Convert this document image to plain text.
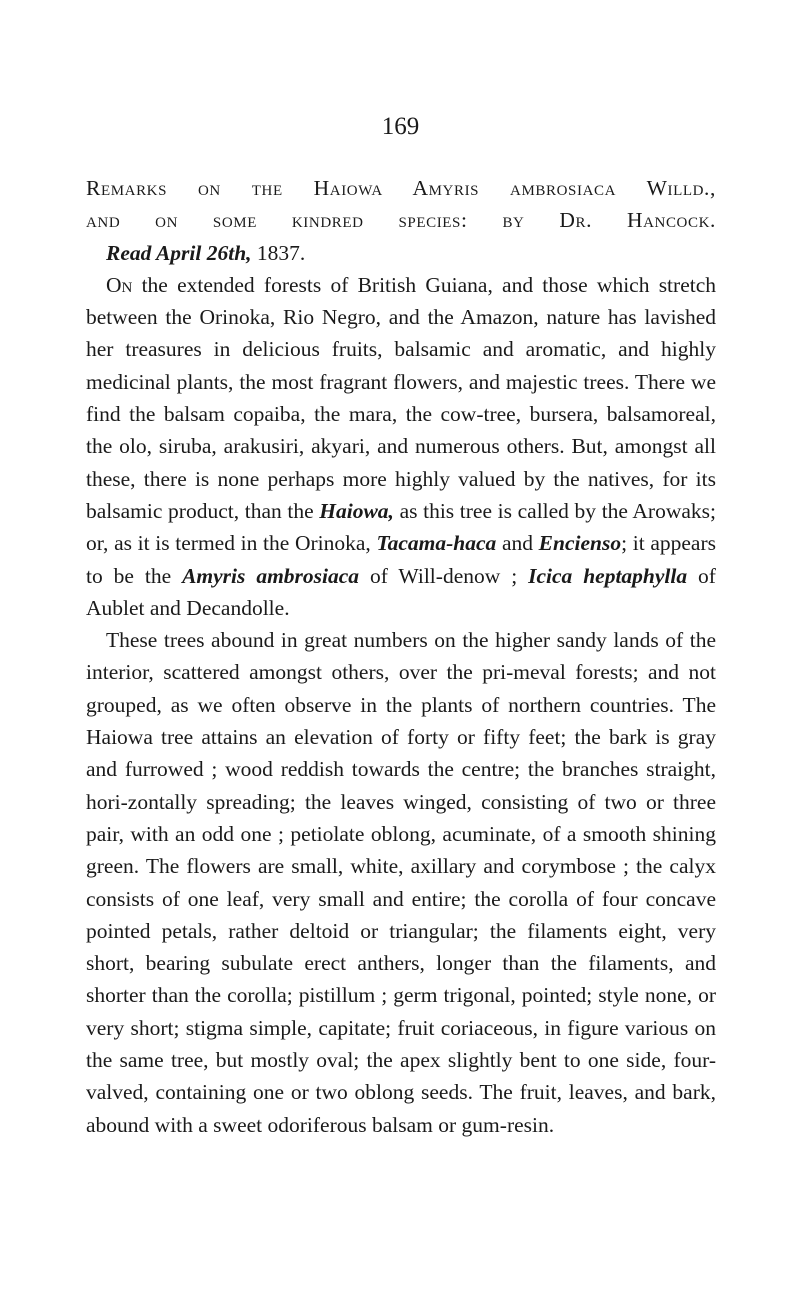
169
Remarks on the Haiowa Amyris ambrosiaca Willd.,
and on some kindred species: by Dr. Hancock.

Read April 26th, 1837.

On the extended forests of British Guiana, and those which stretch between the Orinoka, Rio Negro, and the Amazon, nature has lavished her treasures in delicious fruits, balsamic and aromatic, and highly medicinal plants, the most fragrant flowers, and majestic trees. There we find the balsam copaiba, the mara, the cow-tree, bursera, balsamoreal, the olo, siruba, arakusiri, akyari, and numerous others. But, amongst all these, there is none perhaps more highly valued by the natives, for its balsamic product, than the Haiowa, as this tree is called by the Arowaks; or, as it is termed in the Orinoka, Tacama-haca and Encienso; it appears to be the Amyris ambrosiaca of Will-denow ; Icica heptaphylla of Aublet and Decandolle.

These trees abound in great numbers on the higher sandy lands of the interior, scattered amongst others, over the pri-meval forests; and not grouped, as we often observe in the plants of northern countries. The Haiowa tree attains an elevation of forty or fifty feet; the bark is gray and furrowed ; wood reddish towards the centre; the branches straight, hori-zontally spreading; the leaves winged, consisting of two or three pair, with an odd one ; petiolate oblong, acuminate, of a smooth shining green. The flowers are small, white, axillary and corymbose ; the calyx consists of one leaf, very small and entire; the corolla of four concave pointed petals, rather deltoid or triangular; the filaments eight, very short, bearing subulate erect anthers, longer than the filaments, and shorter than the corolla; pistillum ; germ trigonal, pointed; style none, or very short; stigma simple, capitate; fruit coriaceous, in figure various on the same tree, but mostly oval; the apex slightly bent to one side, four-valved, containing one or two oblong seeds. The fruit, leaves, and bark, abound with a sweet odoriferous balsam or gum-resin.
